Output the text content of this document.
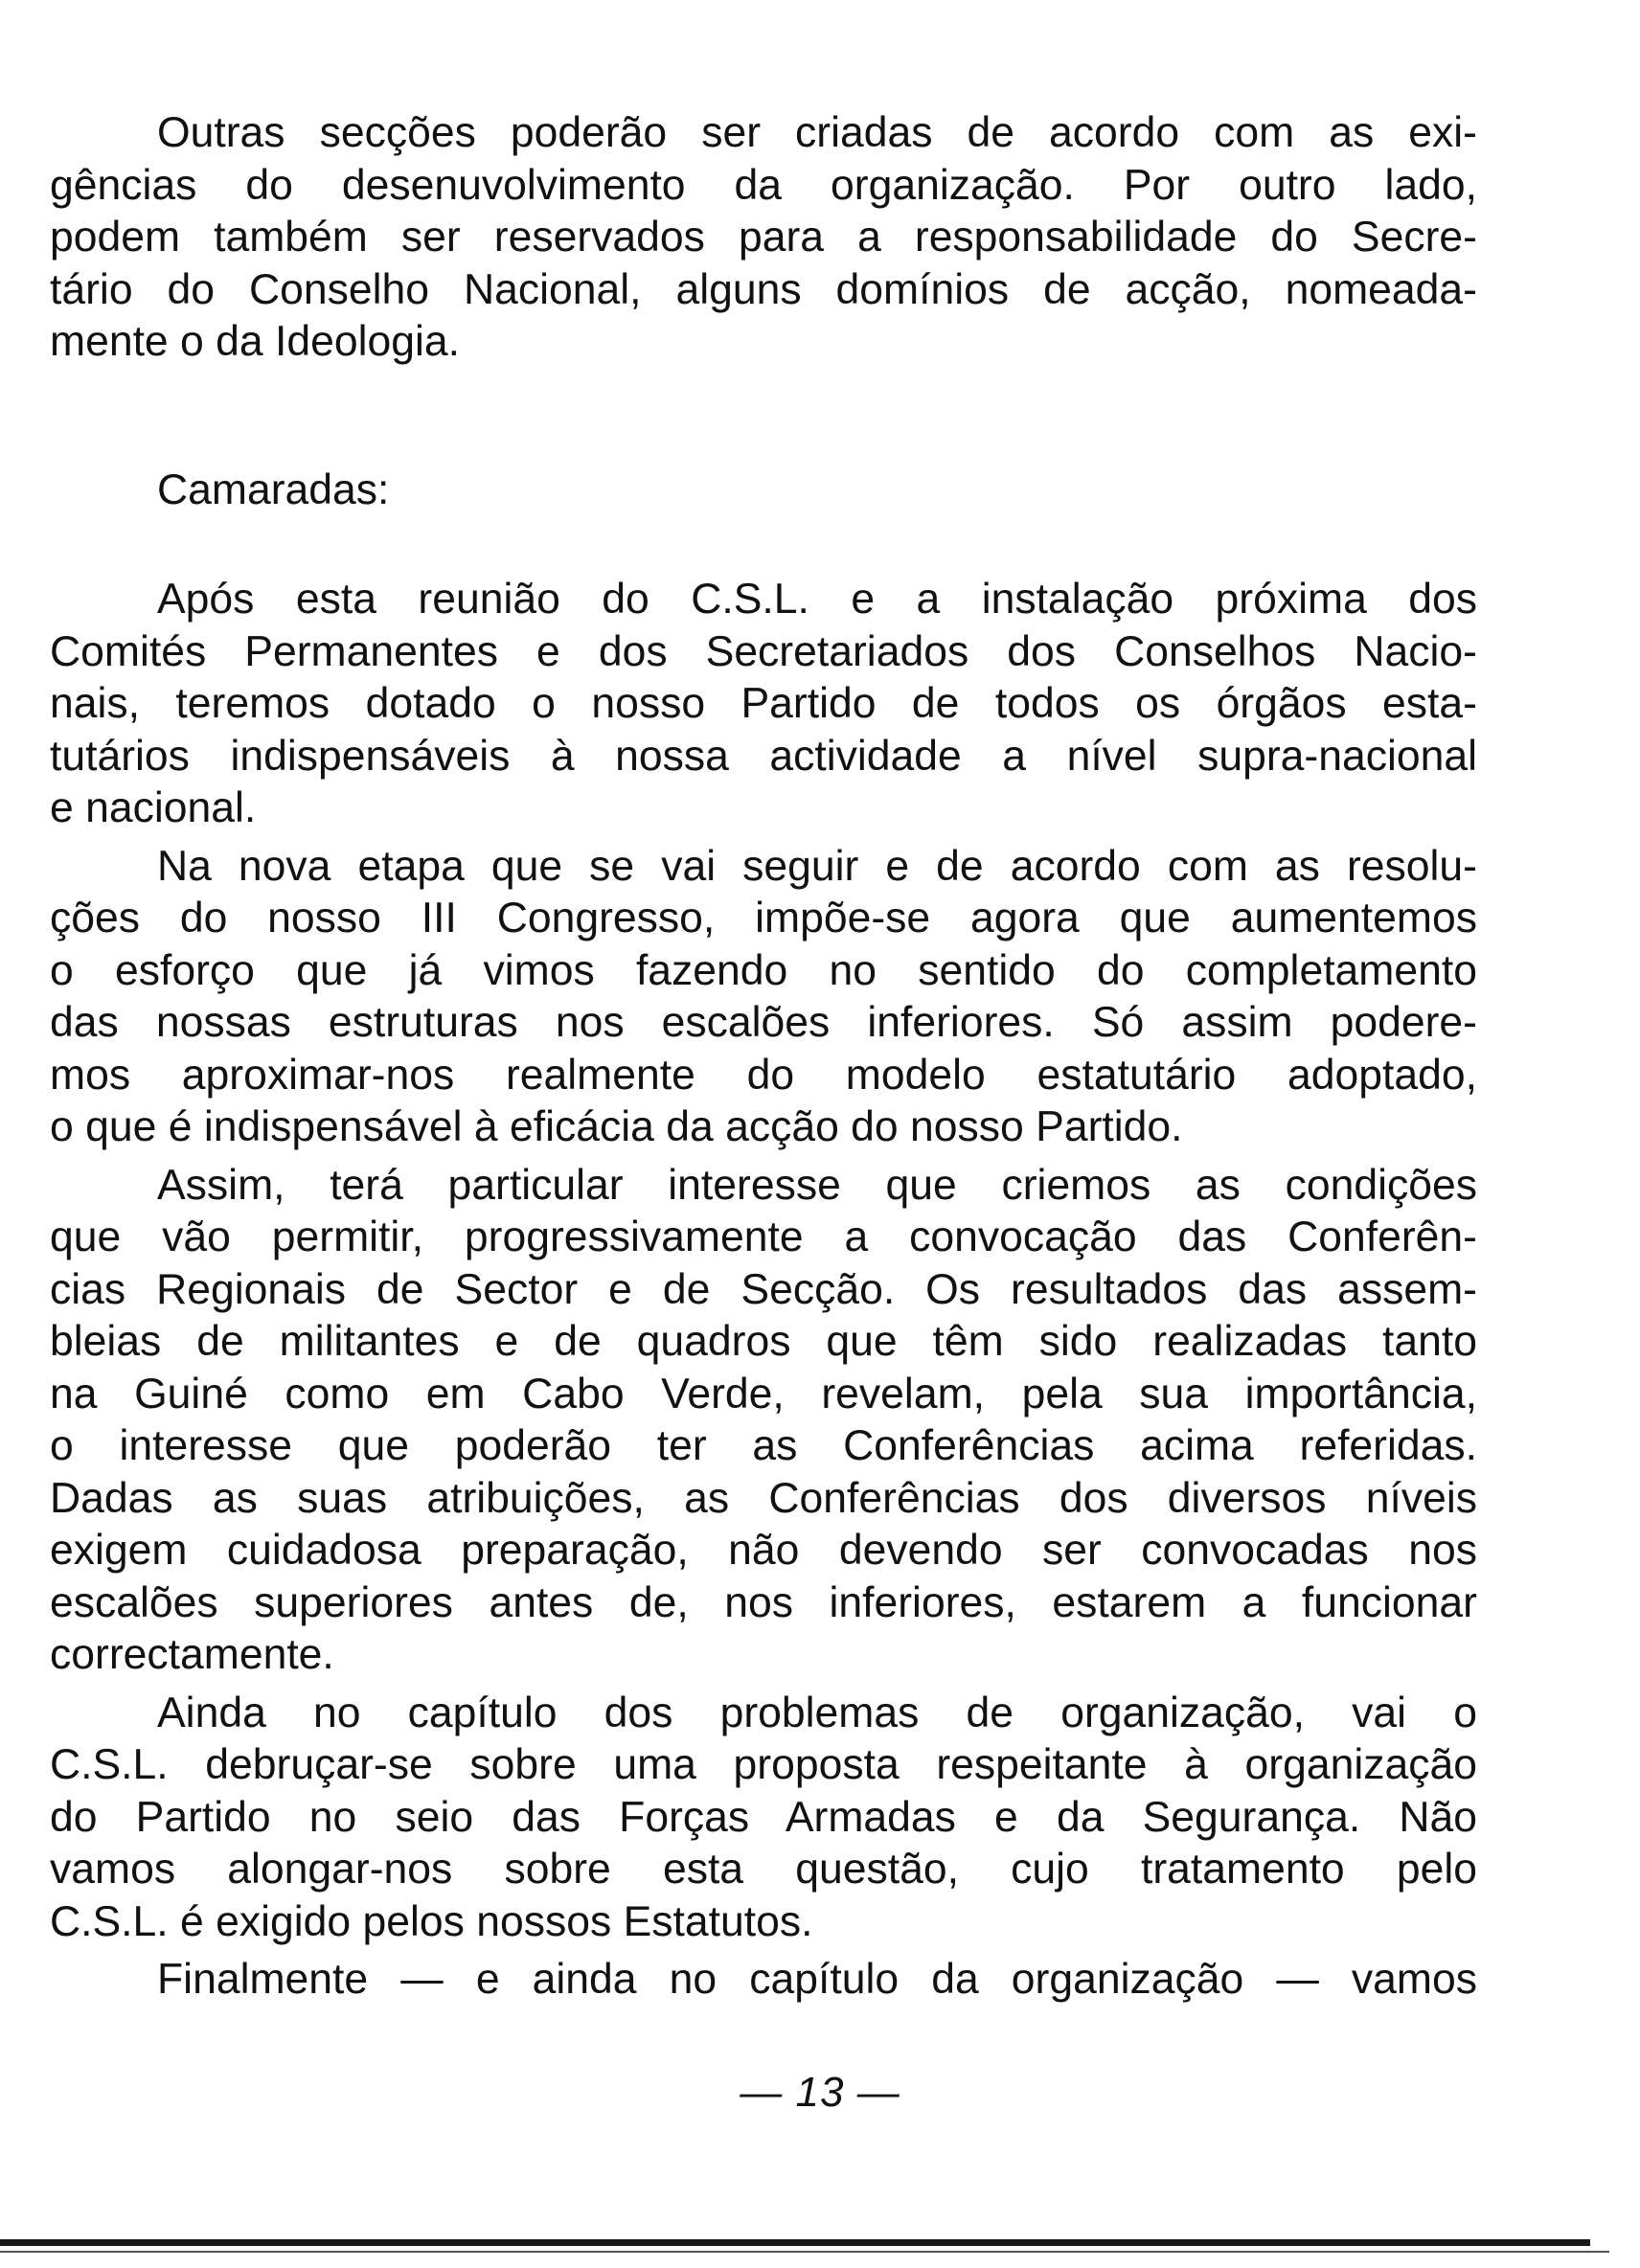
Outras secções poderão ser criadas de acordo com as exi-
gências do desenuvolvimento da organização. Por outro lado,
podem também ser reservados para a responsabilidade do Secre-
tário do Conselho Nacional, alguns domínios de acção, nomeada-
mente o da Ideologia.
Camaradas:
Após esta reunião do C.S.L. e a instalação próxima dos
Comités Permanentes e dos Secretariados dos Conselhos Nacio-
nais, teremos dotado o nosso Partido de todos os órgãos esta-
tutários indispensáveis à nossa actividade a nível supra-nacional
e nacional.
Na nova etapa que se vai seguir e de acordo com as resolu-
ções do nosso III Congresso, impõe-se agora que aumentemos
o esforço que já vimos fazendo no sentido do completamento
das nossas estruturas nos escalões inferiores. Só assim podere-
mos aproximar-nos realmente do modelo estatutário adoptado,
o que é indispensável à eficácia da acção do nosso Partido.
Assim, terá particular interesse que criemos as condições
que vão permitir, progressivamente a convocação das Conferên-
cias Regionais de Sector e de Secção. Os resultados das assem-
bleias de militantes e de quadros que têm sido realizadas tanto
na Guiné como em Cabo Verde, revelam, pela sua importância,
o interesse que poderão ter as Conferências acima referidas.
Dadas as suas atribuições, as Conferências dos diversos níveis
exigem cuidadosa preparação, não devendo ser convocadas nos
escalões superiores antes de, nos inferiores, estarem a funcionar
correctamente.
Ainda no capítulo dos problemas de organização, vai o
C.S.L. debruçar-se sobre uma proposta respeitante à organização
do Partido no seio das Forças Armadas e da Segurança. Não
vamos alongar-nos sobre esta questão, cujo tratamento pelo
C.S.L. é exigido pelos nossos Estatutos.
Finalmente — e ainda no capítulo da organização — vamos
— 13 —
